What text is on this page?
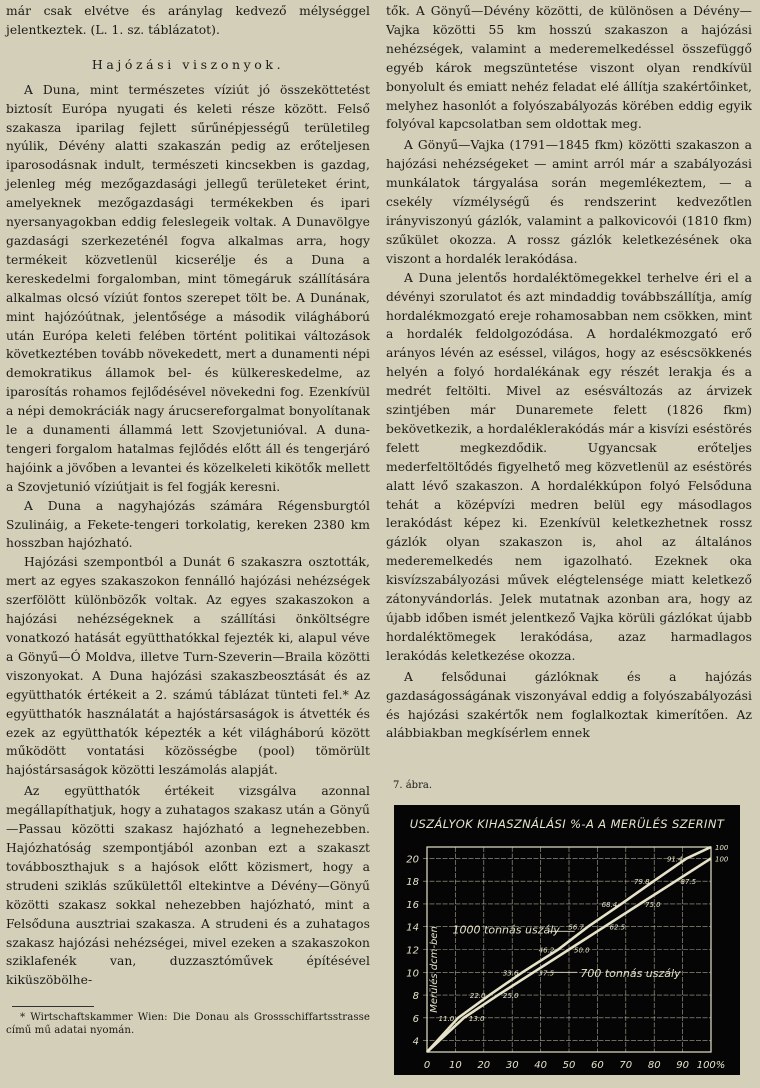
már csak elvétve és aránylag kedvező mélységgel jelentkeztek. (L. 1. sz. táblázatot).

Hajózási viszonyok.

A Duna, mint természetes víziút jó összeköttetést biztosít Európa nyugati és keleti része között. Felső szakasza iparilag fejlett sűrűnépjességű területileg nyúlik, Dévény alatti szakaszán pedig az erőteljesen iparosodásnak indult, természeti kincsekben is gazdag, jelenleg még mezőgazdasági jellegű területeket érint, amelyeknek mezőgazdasági termékekben és ipari nyersanyagokban eddig feleslegeik voltak. A Dunavölgye gazdasági szerkezeténél fogva alkalmas arra, hogy termékeit közvetlenül kicserélje és a Duna a kereskedelmi forgalomban, mint tömegáruk szállítására alkalmas olcsó víziút fontos szerepet tölt be. A Dunának, mint hajózóútnak, jelentősége a második világháború után Európa keleti felében történt politikai változások következtében tovább növekedett, mert a dunamenti népi demokratikus államok bel- és külkereskedelme, az iparosítás rohamos fejlődésével növekedni fog. Ezenkívül a népi demokráciák nagy árucsereforgalmat bonyolítanak le a dunamenti állammá lett Szovjetunióval. A duna-tengeri forgalom hatalmas fejlődés előtt áll és tengerjáró hajóink a jövőben a levantei és közelkeleti kikötők mellett a Szovjetunió víziútjait is fel fogják keresni.

A Duna a nagyhajózás számára Régensburgtól Szulináig, a Fekete-tengeri torkolatig, kereken 2380 km hosszban hajózható.

Hajózási szempontból a Dunát 6 szakaszra osztották, mert az egyes szakaszokon fennálló hajózási nehézségek szerfölött különbözők voltak. Az egyes szakaszokon a hajózási nehézségeknek a szállítási önköltségre vonatkozó hatását együtthatókkal fejezték ki, alapul véve a Gönyű—Ó Moldva, illetve Turn-Szeverin—Braila közötti viszonyokat. A Duna hajózási szakaszbeosztását és az együtthatók értékeit a 2. számú táblázat tünteti fel.* Az együtthatók használatát a hajóstársaságok is átvették és ezek az együtthatók képezték a két világháború között működött vontatási közösségbe (pool) tömörült hajóstársaságok közötti leszámolás alapját.

Az együtthatók értékeit vizsgálva azonnal megállapíthatjuk, hogy a zuhatagos szakasz után a Gönyű—Passau közötti szakasz hajózható a legnehezebben. Hajózhatóság szempontjából azonban ezt a szakaszt továbboszthajuk s a hajósok előtt közismert, hogy a strudeni sziklás szűkülettől eltekintve a Dévény—Gönyű közötti szakasz sokkal nehezebben hajózható, mint a Felsőduna ausztriai szakasza. A strudeni és a zuhatagos szakasz hajózási nehézségei, mivel ezeken a szakaszokon sziklafenék van, duzzasztóművek építésével kiküszöbölhe-

* Wirtschaftskammer Wien: Die Donau als Grossschiffartsstrasse című mű adatai nyomán.

tők. A Gönyű—Dévény közötti, de különösen a Dévény—Vajka közötti 55 km hosszú szakaszon a hajózási nehézségek, valamint a mederemelkedéssel összefüggő egyéb károk megszüntetése viszont olyan rendkívül bonyolult és emiatt nehéz feladat elé állítja szakértőinket, melyhez hasonlót a folyószabályozás körében eddig egyik folyóval kapcsolatban sem oldottak meg.

A Gönyű—Vajka (1791—1845 fkm) közötti szakaszon a hajózási nehézségeket — amint arról már a szabályozási munkálatok tárgyalása során megemlékeztem, — a csekély vízmélységű és rendszerint kedvezőtlen irányviszonyú gázlók, valamint a palkovicovói (1810 fkm) szűkület okozza. A rossz gázlók keletkezésének oka viszont a hordalék lerakódása.

A Duna jelentős hordaléktömegekkel terhelve éri el a dévényi szorulatot és azt mindaddig továbbszállítja, amíg hordalékmozgató ereje rohamosabban nem csökken, mint a hordalék feldolgozódása. A hordalékmozgató erő arányos lévén az eséssel, világos, hogy az eséscsökkenés helyén a folyó hordalékának egy részét lerakja és a medrét feltölti. Mivel az esésváltozás az árvizek szintjében már Dunaremete felett (1826 fkm) bekövetkezik, a hordaléklerakódás már a kisvízi eséstörés felett megkezdődik. Ugyancsak erőteljes mederfeltöltődés figyelhető meg közvetlenül az eséstörés alatt lévő szakaszon. A hordalékkúpon folyó Felsőduna tehát a középvízi medren belül egy másodlagos lerakódást képez ki. Ezenkívül keletkezhetnek rossz gázlók olyan szakaszon is, ahol az általános mederemelkedés nem igazolható. Ezeknek oka kisvízszabályozási művek elégtelensége miatt keletkező zátonyvándorlás. Jelek mutatnak azonban ara, hogy az újabb időben ismét jelentkező Vajka körüli gázlókat újabb hordaléktömegek lerakódása, azaz harmadlagos lerakódás keletkezése okozza.

A felsődunai gázlóknak és a hajózás gazdaságosságának viszonyával eddig a folyószabályozási és hajózási szakértők nem foglalkoztak kimerítően. Az alábbiakban megkísérlem ennek

7. ábra.
USZÁLYOK KIHASZNÁLÁSI %-A A MERÜLÉS SZERINT
0 10 20 30 40 50 60 70 80 90 100%
4
6
8
10
12
14
16
18
20
Merülés dcm-ben
11.0
22.0
33.6
46.2
56.7
68.4
79.8
91.4
100
13.0
25.0
37.5
50.0
62.5
75.0
87.5
100
1000 tonnás uszály
700 tonnás uszály
